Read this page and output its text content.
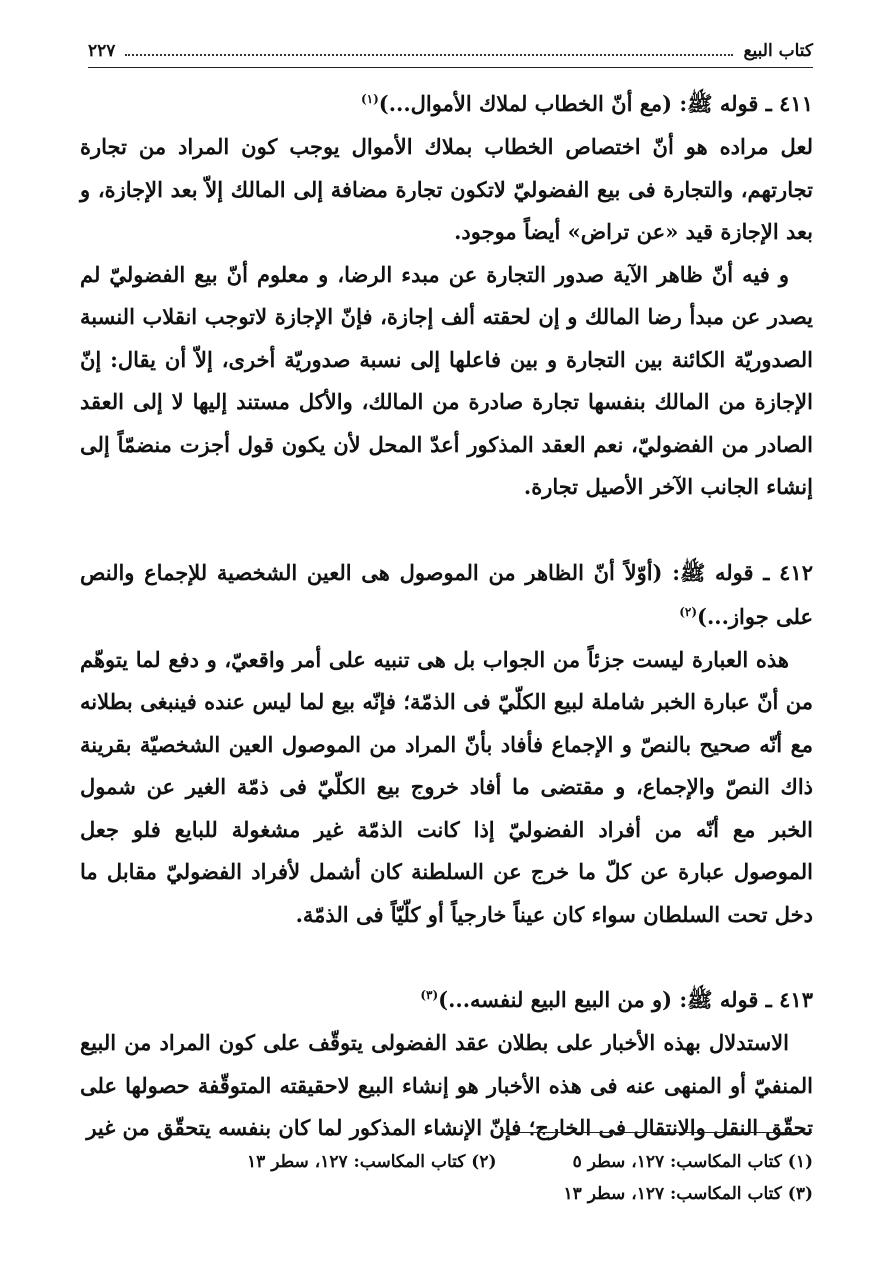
كتاب البيع
٢٢٧
٤١١ ـ قوله ﷺ: (مع أنّ الخطاب لملاك الأموال...)$^{(١)}$

لعل مراده هو أنّ اختصاص الخطاب بملاك الأموال يوجب كون المراد من تجارة تجارتهم، والتجارة فى بيع الفضوليّ لاتكون تجارة مضافة إلى المالك إلاّ بعد الإجازة، و بعد الإجازة قيد «عن تراض» أيضاً موجود.

و فيه أنّ ظاهر الآية صدور التجارة عن مبدء الرضا، و معلوم أنّ بيع الفضوليّ لم يصدر عن مبدأ رضا المالك و إن لحقته ألف إجازة، فإنّ الإجازة لاتوجب انقلاب النسبة الصدوريّة الكائنة بين التجارة و بين فاعلها إلى نسبة صدوريّة أخرى، إلاّ أن يقال: إنّ الإجازة من المالك بنفسها تجارة صادرة من المالك، والأكل مستند إليها لا إلى العقد الصادر من الفضوليّ، نعم العقد المذكور أعدّ المحل لأن يكون قول أجزت منضمّاً إلى إنشاء الجانب الآخر الأصيل تجارة.

٤١٢ ـ قوله ﷺ: (أوّلاً أنّ الظاهر من الموصول هى العين الشخصية للإجماع والنص على جواز...)$^{(٢)}$

هذه العبارة ليست جزئاً من الجواب بل هى تنبيه على أمر واقعيّ، و دفع لما يتوهّم من أنّ عبارة الخبر شاملة لبيع الكلّيّ فى الذمّة؛ فإنّه بيع لما ليس عنده فينبغى بطلانه مع أنّه صحيح بالنصّ و الإجماع فأفاد بأنّ المراد من الموصول العين الشخصيّة بقرينة ذاك النصّ والإجماع، و مقتضى ما أفاد خروج بيع الكلّيّ فى ذمّة الغير عن شمول الخبر مع أنّه من أفراد الفضوليّ إذا كانت الذمّة غير مشغولة للبايع فلو جعل الموصول عبارة عن كلّ ما خرج عن السلطنة كان أشمل لأفراد الفضوليّ مقابل ما دخل تحت السلطان سواء كان عيناً خارجياً أو كلّيّاً فى الذمّة.

٤١٣ ـ قوله ﷺ: (و من البيع البيع لنفسه...)$^{(٣)}$

الاستدلال بهذه الأخبار على بطلان عقد الفضولى يتوقّف على كون المراد من البيع المنفيّ أو المنهى عنه فى هذه الأخبار هو إنشاء البيع لاحقيقته المتوقّفة حصولها على تحقّق النقل والانتقال فى الخارج؛ فإنّ الإنشاء المذكور لما كان بنفسه يتحقّق من غير

(١) كتاب المكاسب: ١٢٧، سطر ٥
(٢) كتاب المكاسب: ١٢٧، سطر ١٣
(٣) كتاب المكاسب: ١٢٧، سطر ١٣
